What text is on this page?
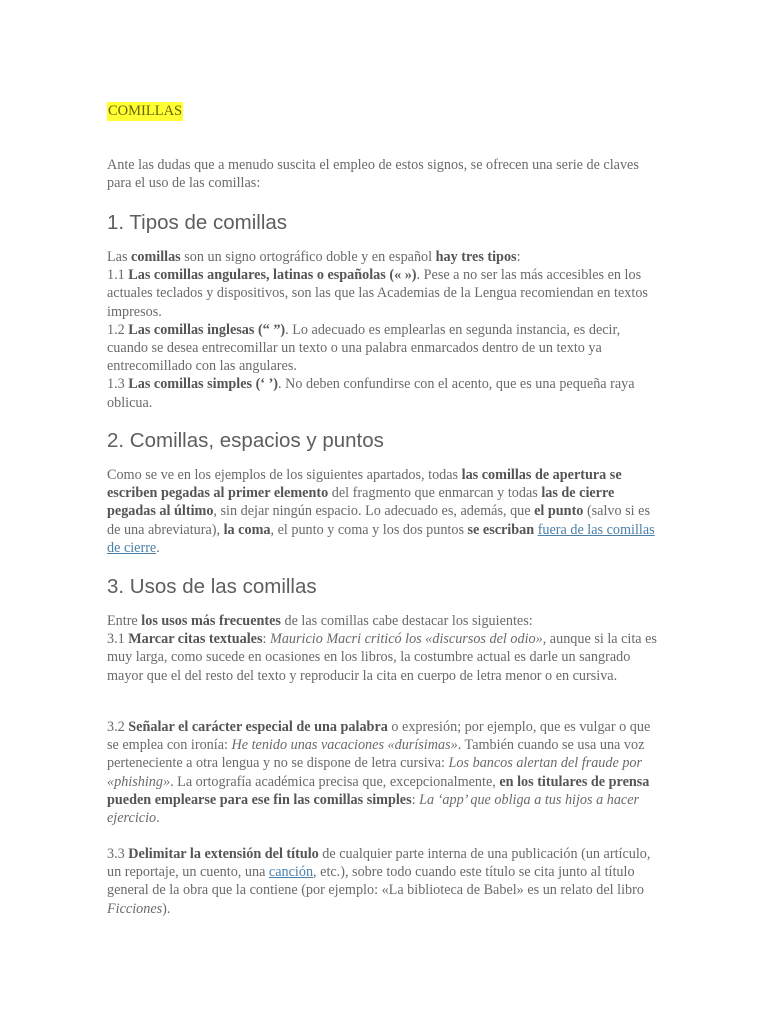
COMILLAS

Ante las dudas que a menudo suscita el empleo de estos signos, se ofrecen una serie de claves para el uso de las comillas:

1. Tipos de comillas

Las comillas son un signo ortográfico doble y en español hay tres tipos:
1.1 Las comillas angulares, latinas o españolas (« »). Pese a no ser las más accesibles en los actuales teclados y dispositivos, son las que las Academias de la Lengua recomiendan en textos impresos.
1.2 Las comillas inglesas (“ ”). Lo adecuado es emplearlas en segunda instancia, es decir, cuando se desea entrecomillar un texto o una palabra enmarcados dentro de un texto ya entrecomillado con las angulares.
1.3 Las comillas simples (‘ ’). No deben confundirse con el acento, que es una pequeña raya oblicua.

2. Comillas, espacios y puntos

Como se ve en los ejemplos de los siguientes apartados, todas las comillas de apertura se escriben pegadas al primer elemento del fragmento que enmarcan y todas las de cierre pegadas al último, sin dejar ningún espacio. Lo adecuado es, además, que el punto (salvo si es de una abreviatura), la coma, el punto y coma y los dos puntos se escriban fuera de las comillas de cierre.

3. Usos de las comillas

Entre los usos más frecuentes de las comillas cabe destacar los siguientes:
3.1 Marcar citas textuales: Mauricio Macri criticó los «discursos del odio», aunque si la cita es muy larga, como sucede en ocasiones en los libros, la costumbre actual es darle un sangrado mayor que el del resto del texto y reproducir la cita en cuerpo de letra menor o en cursiva.

3.2 Señalar el carácter especial de una palabra o expresión; por ejemplo, que es vulgar o que se emplea con ironía: He tenido unas vacaciones «durísimas». También cuando se usa una voz perteneciente a otra lengua y no se dispone de letra cursiva: Los bancos alertan del fraude por «phishing». La ortografía académica precisa que, excepcionalmente, en los titulares de prensa pueden emplearse para ese fin las comillas simples: La ‘app’ que obliga a tus hijos a hacer ejercicio.

3.3 Delimitar la extensión del título de cualquier parte interna de una publicación (un artículo, un reportaje, un cuento, una canción, etc.), sobre todo cuando este título se cita junto al título general de la obra que la contiene (por ejemplo: «La biblioteca de Babel» es un relato del libro Ficciones).
